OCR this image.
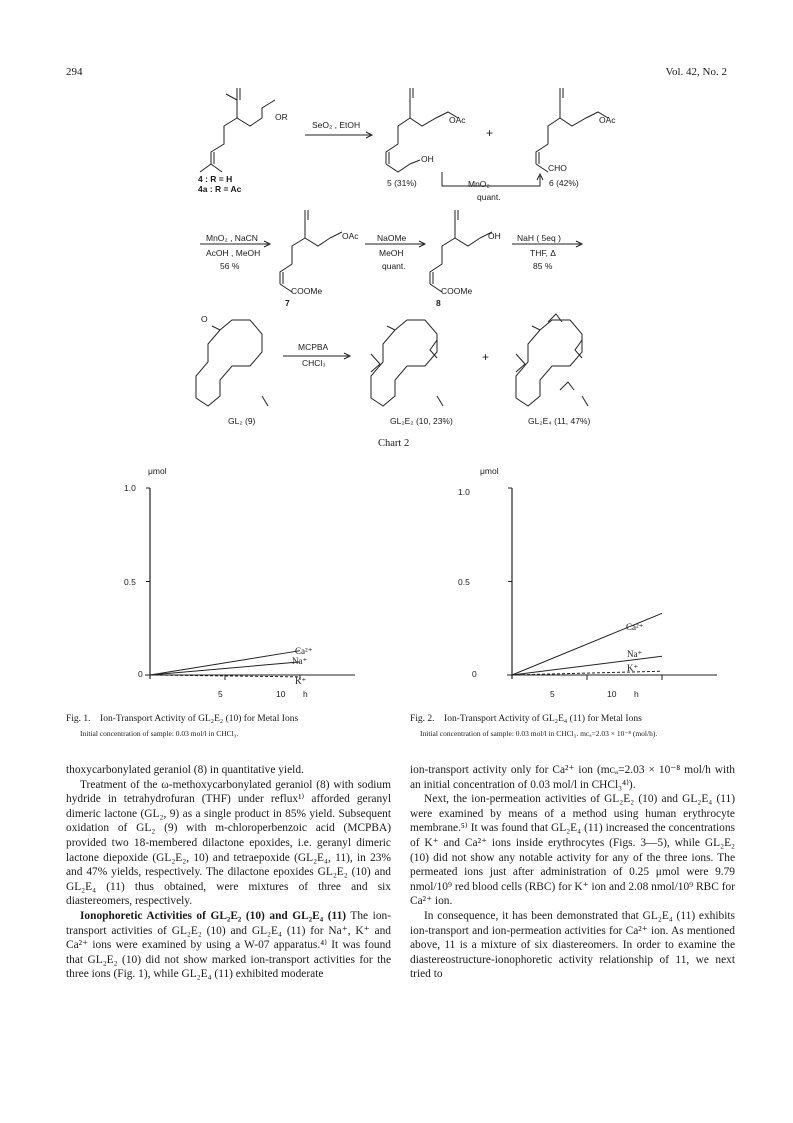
294	Vol. 42, No. 2
OR
SeO₂ , EtOH
4 : R = H
4a : R = Ac
OAc
OH
5 (31%)
+
OAc
CHO
6 (42%)
MnO₂
quant.
MnO₂ , NaCN
AcOH , MeOH
56 %
OAc
COOMe
7
NaOMe
MeOH
quant.
OH
COOMe
8
NaH ( 5eq )
THF, Δ
85 %
MCPBA
CHCl₃
O
GL₂ (9)	GL₂E₂ (10, 23%)
+
GL₂E₄ (11, 47%)
Chart 2
μmol
1.0
0.5
0
5	10 h
Ca²⁺
Na⁺
K⁺
Fig. 1. Ion-Transport Activity of GL₂E₂ (10) for Metal Ions
Initial concentration of sample: 0.03 mol/l in CHCl₃.
μmol
1.0
0.5
0
5	10 h
Ca²⁺
Na⁺
K⁺
Fig. 2. Ion-Transport Activity of GL₂E₄ (11) for Metal Ions
Initial concentration of sample: 0.03 mol/l in CHCl₃. mᴄₐ=2.03 × 10⁻⁸ (mol/h).

thoxycarbonylated geraniol (8) in quantitative yield.

Treatment of the ω-methoxycarbonylated geraniol (8) with sodium hydride in tetrahydrofuran (THF) under reflux¹⁾ afforded geranyl dimeric lactone (GL₂, 9) as a single product in 85% yield. Subsequent oxidation of GL₂ (9) with m-chloroperbenzoic acid (MCPBA) provided two 18-membered dilactone epoxides, i.e. geranyl dimeric lactone diepoxide (GL₂E₂, 10) and tetraepoxide (GL₂E₄, 11), in 23% and 47% yields, respectively. The dilactone epoxides GL₂E₂ (10) and GL₂E₄ (11) thus obtained, were mixtures of three and six diastereomers, respectively.

Ionophoretic Activities of GL₂E₂ (10) and GL₂E₄ (11) The ion-transport activities of GL₂E₂ (10) and GL₂E₄ (11) for Na⁺, K⁺ and Ca²⁺ ions were examined by using a W-07 apparatus.⁴⁾ It was found that GL₂E₂ (10) did not show marked ion-transport activities for the three ions (Fig. 1), while GL₂E₄ (11) exhibited moderate

ion-transport activity only for Ca²⁺ ion (mᴄₐ=2.03 × 10⁻⁸ mol/h with an initial concentration of 0.03 mol/l in CHCl₃⁴⁾).

Next, the ion-permeation activities of GL₂E₂ (10) and GL₂E₄ (11) were examined by means of a method using human erythrocyte membrane.⁵⁾ It was found that GL₂E₄ (11) increased the concentrations of K⁺ and Ca²⁺ ions inside erythrocytes (Figs. 3—5), while GL₂E₂ (10) did not show any notable activity for any of the three ions. The permeated ions just after administration of 0.25 μmol were 9.79 nmol/10⁹ red blood cells (RBC) for K⁺ ion and 2.08 nmol/10⁹ RBC for Ca²⁺ ion.

In consequence, it has been demonstrated that GL₂E₄ (11) exhibits ion-transport and ion-permeation activities for Ca²⁺ ion. As mentioned above, 11 is a mixture of six diastereomers. In order to examine the diastereostructure-ionophoretic activity relationship of 11, we next tried to
